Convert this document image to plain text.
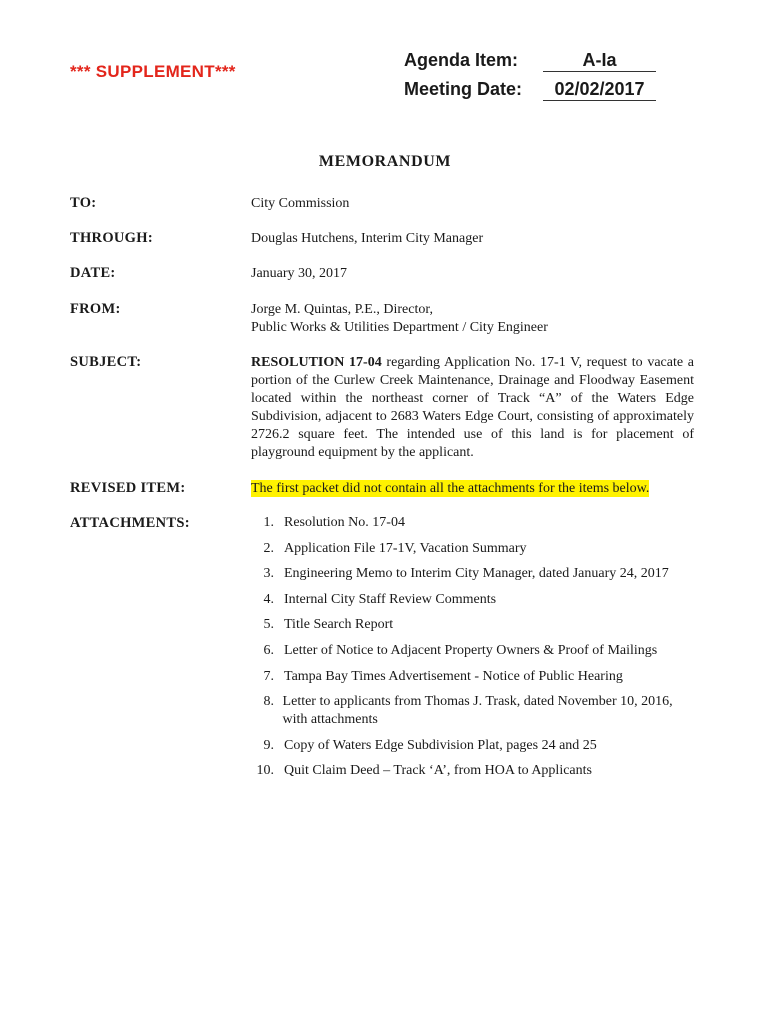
*** SUPPLEMENT***
Agenda Item:	A-Ia
Meeting Date:	02/02/2017
MEMORANDUM
TO:	City Commission
THROUGH:	Douglas Hutchens, Interim City Manager
DATE:	January 30, 2017
FROM:	Jorge M. Quintas, P.E., Director,
Public Works & Utilities Department / City Engineer
SUBJECT:	RESOLUTION 17-04 regarding Application No. 17-1 V, request to vacate a portion of the Curlew Creek Maintenance, Drainage and Floodway Easement located within the northeast corner of Track “A” of the Waters Edge Subdivision, adjacent to 2683 Waters Edge Court, consisting of approximately 2726.2 square feet. The intended use of this land is for placement of playground equipment by the applicant.
REVISED ITEM:	The first packet did not contain all the attachments for the items below.
ATTACHMENTS:	1. Resolution No. 17-04
2. Application File 17-1V, Vacation Summary
3. Engineering Memo to Interim City Manager, dated January 24, 2017
4. Internal City Staff Review Comments
5. Title Search Report
6. Letter of Notice to Adjacent Property Owners & Proof of Mailings
7. Tampa Bay Times Advertisement - Notice of Public Hearing
8. Letter to applicants from Thomas J. Trask, dated November 10, 2016, with attachments
9. Copy of Waters Edge Subdivision Plat, pages 24 and 25
10. Quit Claim Deed – Track ‘A’, from HOA to Applicants
